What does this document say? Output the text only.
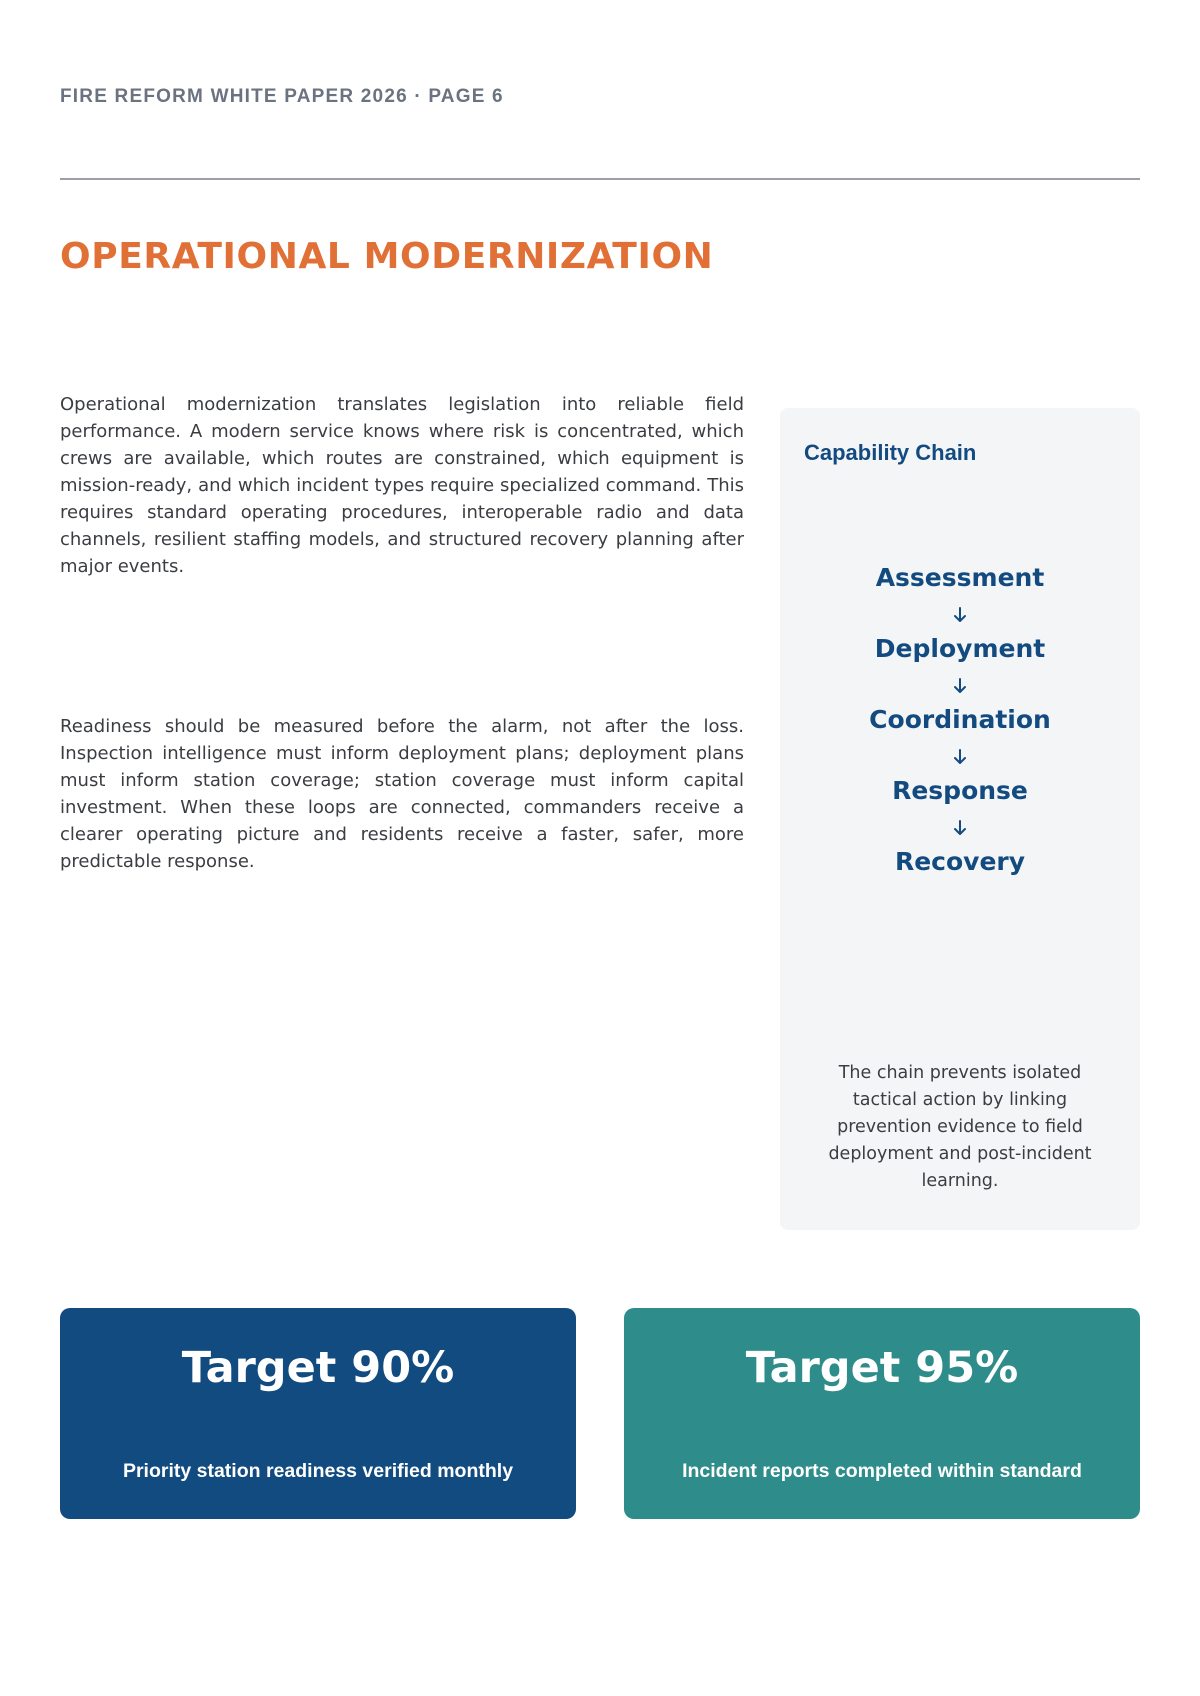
FIRE REFORM WHITE PAPER 2026 · PAGE 6
OPERATIONAL MODERNIZATION

Operational modernization translates legislation into reliable field performance. A modern service knows where risk is concentrated, which crews are available, which routes are constrained, which equipment is mission-ready, and which incident types require specialized command. This requires standard operating procedures, interoperable radio and data channels, resilient staffing models, and structured recovery planning after major events.

Readiness should be measured before the alarm, not after the loss. Inspection intelligence must inform deployment plans; deployment plans must inform station coverage; station coverage must inform capital investment. When these loops are connected, commanders receive a clearer operating picture and residents receive a faster, safer, more predictable response.

Capability Chain
Assessment
Deployment
Coordination
Response
Recovery

The chain prevents isolated tactical action by linking prevention evidence to field deployment and post-incident learning.

Target 90%
Priority station readiness verified monthly
Target 95%
Incident reports completed within standard
